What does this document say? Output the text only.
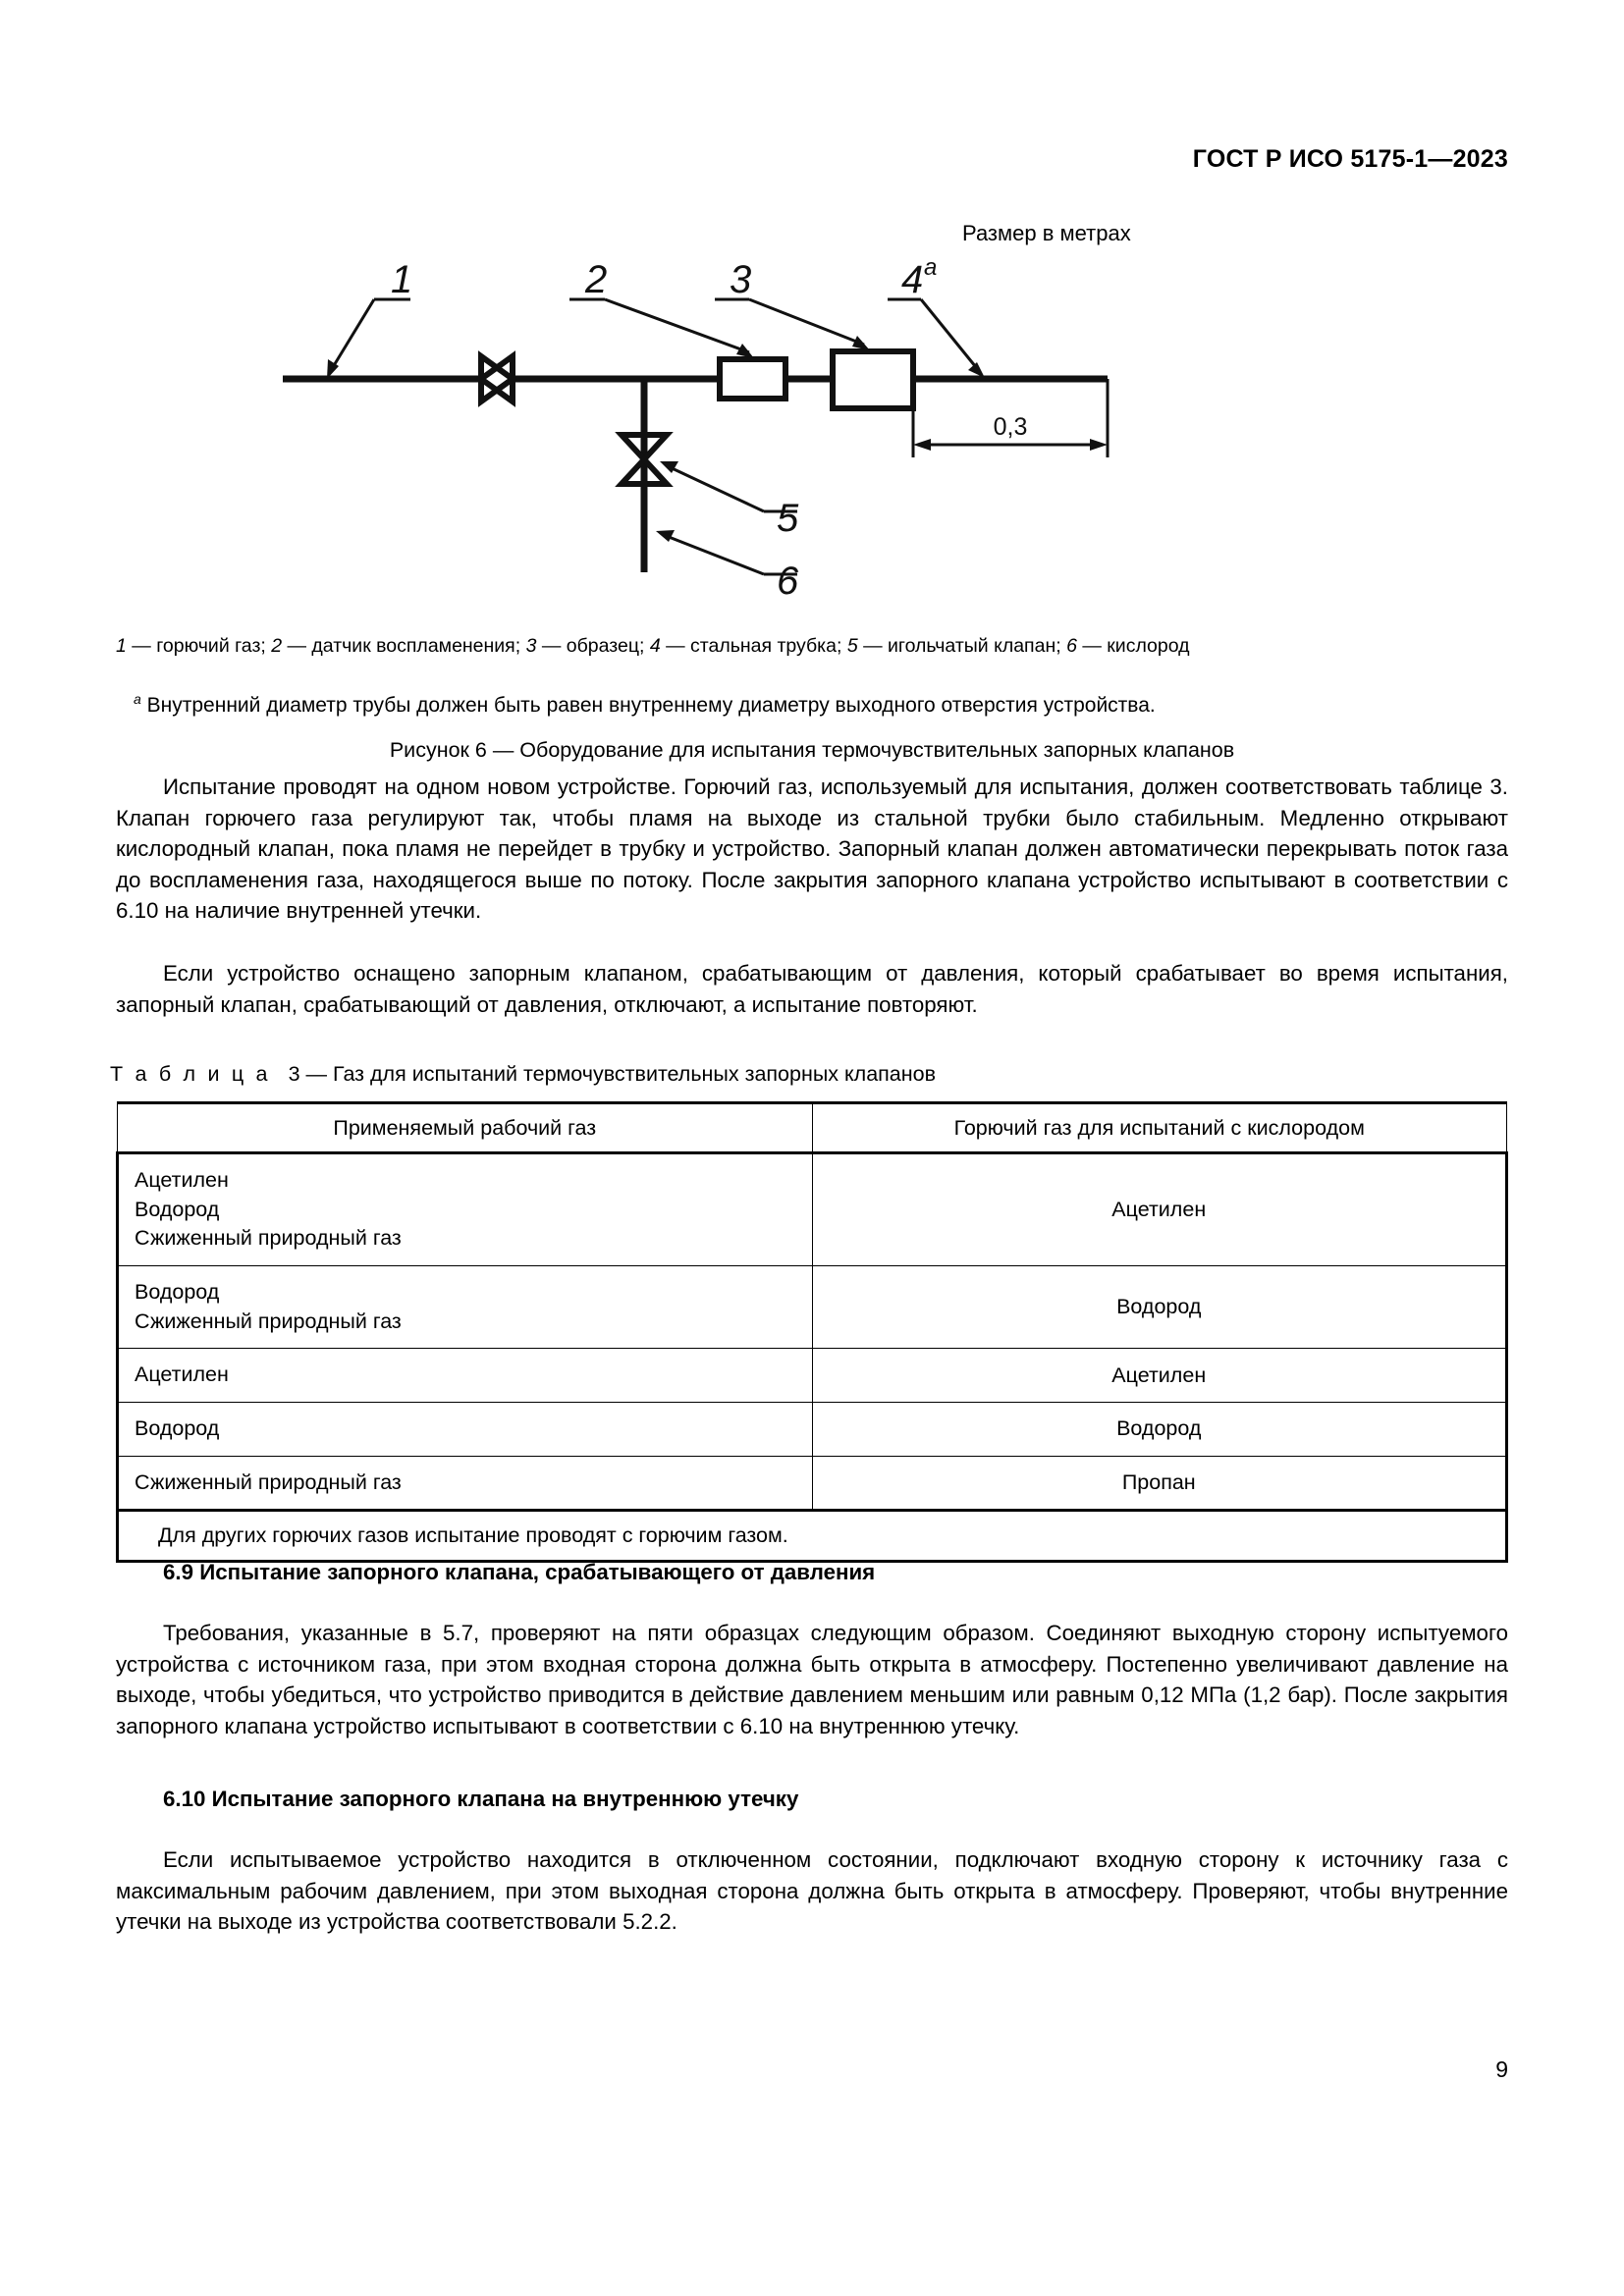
ГОСТ Р ИСО 5175-1—2023
Размер в метрах
0,3
1	2	3	4 a
5
6
1 — горючий газ; 2 — датчик воспламенения; 3 — образец; 4 — стальная трубка; 5 — игольчатый клапан; 6 — кислород
$^a$ Внутренний диаметр трубы должен быть равен внутреннему диаметру выходного отверстия устройства.
Рисунок 6 — Оборудование для испытания термочувствительных запорных клапанов

Испытание проводят на одном новом устройстве. Горючий газ, используемый для испытания, должен соответствовать таблице 3. Клапан горючего газа регулируют так, чтобы пламя на выходе из стальной трубки было стабильным. Медленно открывают кислородный клапан, пока пламя не перейдет в трубку и устройство. Запорный клапан должен автоматически перекрывать поток газа до воспламенения газа, находящегося выше по потоку. После закрытия запорного клапана устройство испытывают в соответствии с 6.10 на наличие внутренней утечки.

Если устройство оснащено запорным клапаном, срабатывающим от давления, который срабатывает во время испытания, запорный клапан, срабатывающий от давления, отключают, а испытание повторяют.

Т а б л и ц а 3 — Газ для испытаний термочувствительных запорных клапанов
Применяемый рабочий газ	Горючий газ для испытаний с кислородом

Ацетилен
Водород
Сжиженный природный газ	Ацетилен

Водород
Сжиженный природный газ	Водород

Ацетилен	Ацетилен

Водород	Водород

Сжиженный природный газ	Пропан
Для других горючих газов испытание проводят с горючим газом.	
6.9 Испытание запорного клапана, срабатывающего от давления

Требования, указанные в 5.7, проверяют на пяти образцах следующим образом. Соединяют выходную сторону испытуемого устройства с источником газа, при этом входная сторона должна быть открыта в атмосферу. Постепенно увеличивают давление на выходе, чтобы убедиться, что устройство приводится в действие давлением меньшим или равным 0,12 МПа (1,2 бар). После закрытия запорного клапана устройство испытывают в соответствии с 6.10 на внутреннюю утечку.

6.10 Испытание запорного клапана на внутреннюю утечку

Если испытываемое устройство находится в отключенном состоянии, подключают входную сторону к источнику газа с максимальным рабочим давлением, при этом выходная сторона должна быть открыта в атмосферу. Проверяют, чтобы внутренние утечки на выходе из устройства соответствовали 5.2.2.

9
